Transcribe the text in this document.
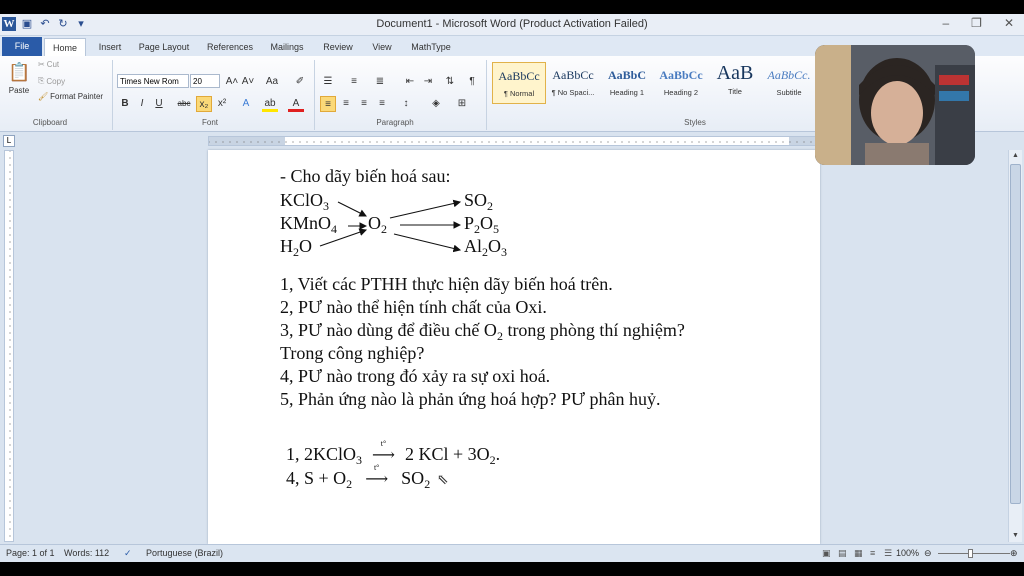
W ▣ ↶ ↻ ▾	Document1 - Microsoft Word (Product Activation Failed)	– ❐ ✕
File	Home	Insert	Page Layout	References	Mailings	Review	View	MathType
📋
Paste
✂ Cut
⎘ Copy
🖌 Format Painter
Clipboard
Times New Rom	20	A˄ A˅ Aa	✐
B	I	U	abc x₂ x²	A	ab	A
Font
☰	≡	≣	⇤ ⇥	⇅	¶
≡	≡	≡	≡	↕	◈	⊞
Paragraph
AaBbCc
¶ Normal
AaBbCc
¶ No Spaci...
AaBbC
Heading 1
AaBbCc
Heading 2
AaB
Title
AaBbCc.
Subtitle
Styles
L
- Cho dãy biến hoá sau:
KClO$_3$
KMnO$_4$
$H_2O$
$O_2$
$SO_2$
$P_2O_5$
$Al_2O_3$
1, Viết các PTHH thực hiện dãy biến hoá trên.
2, PƯ nào thể hiện tính chất của Oxi.
3, PƯ nào dùng để điều chế $O_2$ trong phòng thí nghiệm?
Trong công nghiệp?
4, PƯ nào trong đó xảy ra sự oxi hoá.
5, Phản ứng nào là phản ứng hoá hợp? PƯ phân huỷ.
1, 2KClO$_3$
t°
⟶ 2 KCl + $3O_2$.
4, $S + O_2$
t°
⟶ $SO_2$ ⇖
▲
▼
Page: 1 of 1 Words: 112 ✓ Portuguese (Brazil)	▣ ▤ ▦ ≡ ☰ 100% ⊖	⊕
